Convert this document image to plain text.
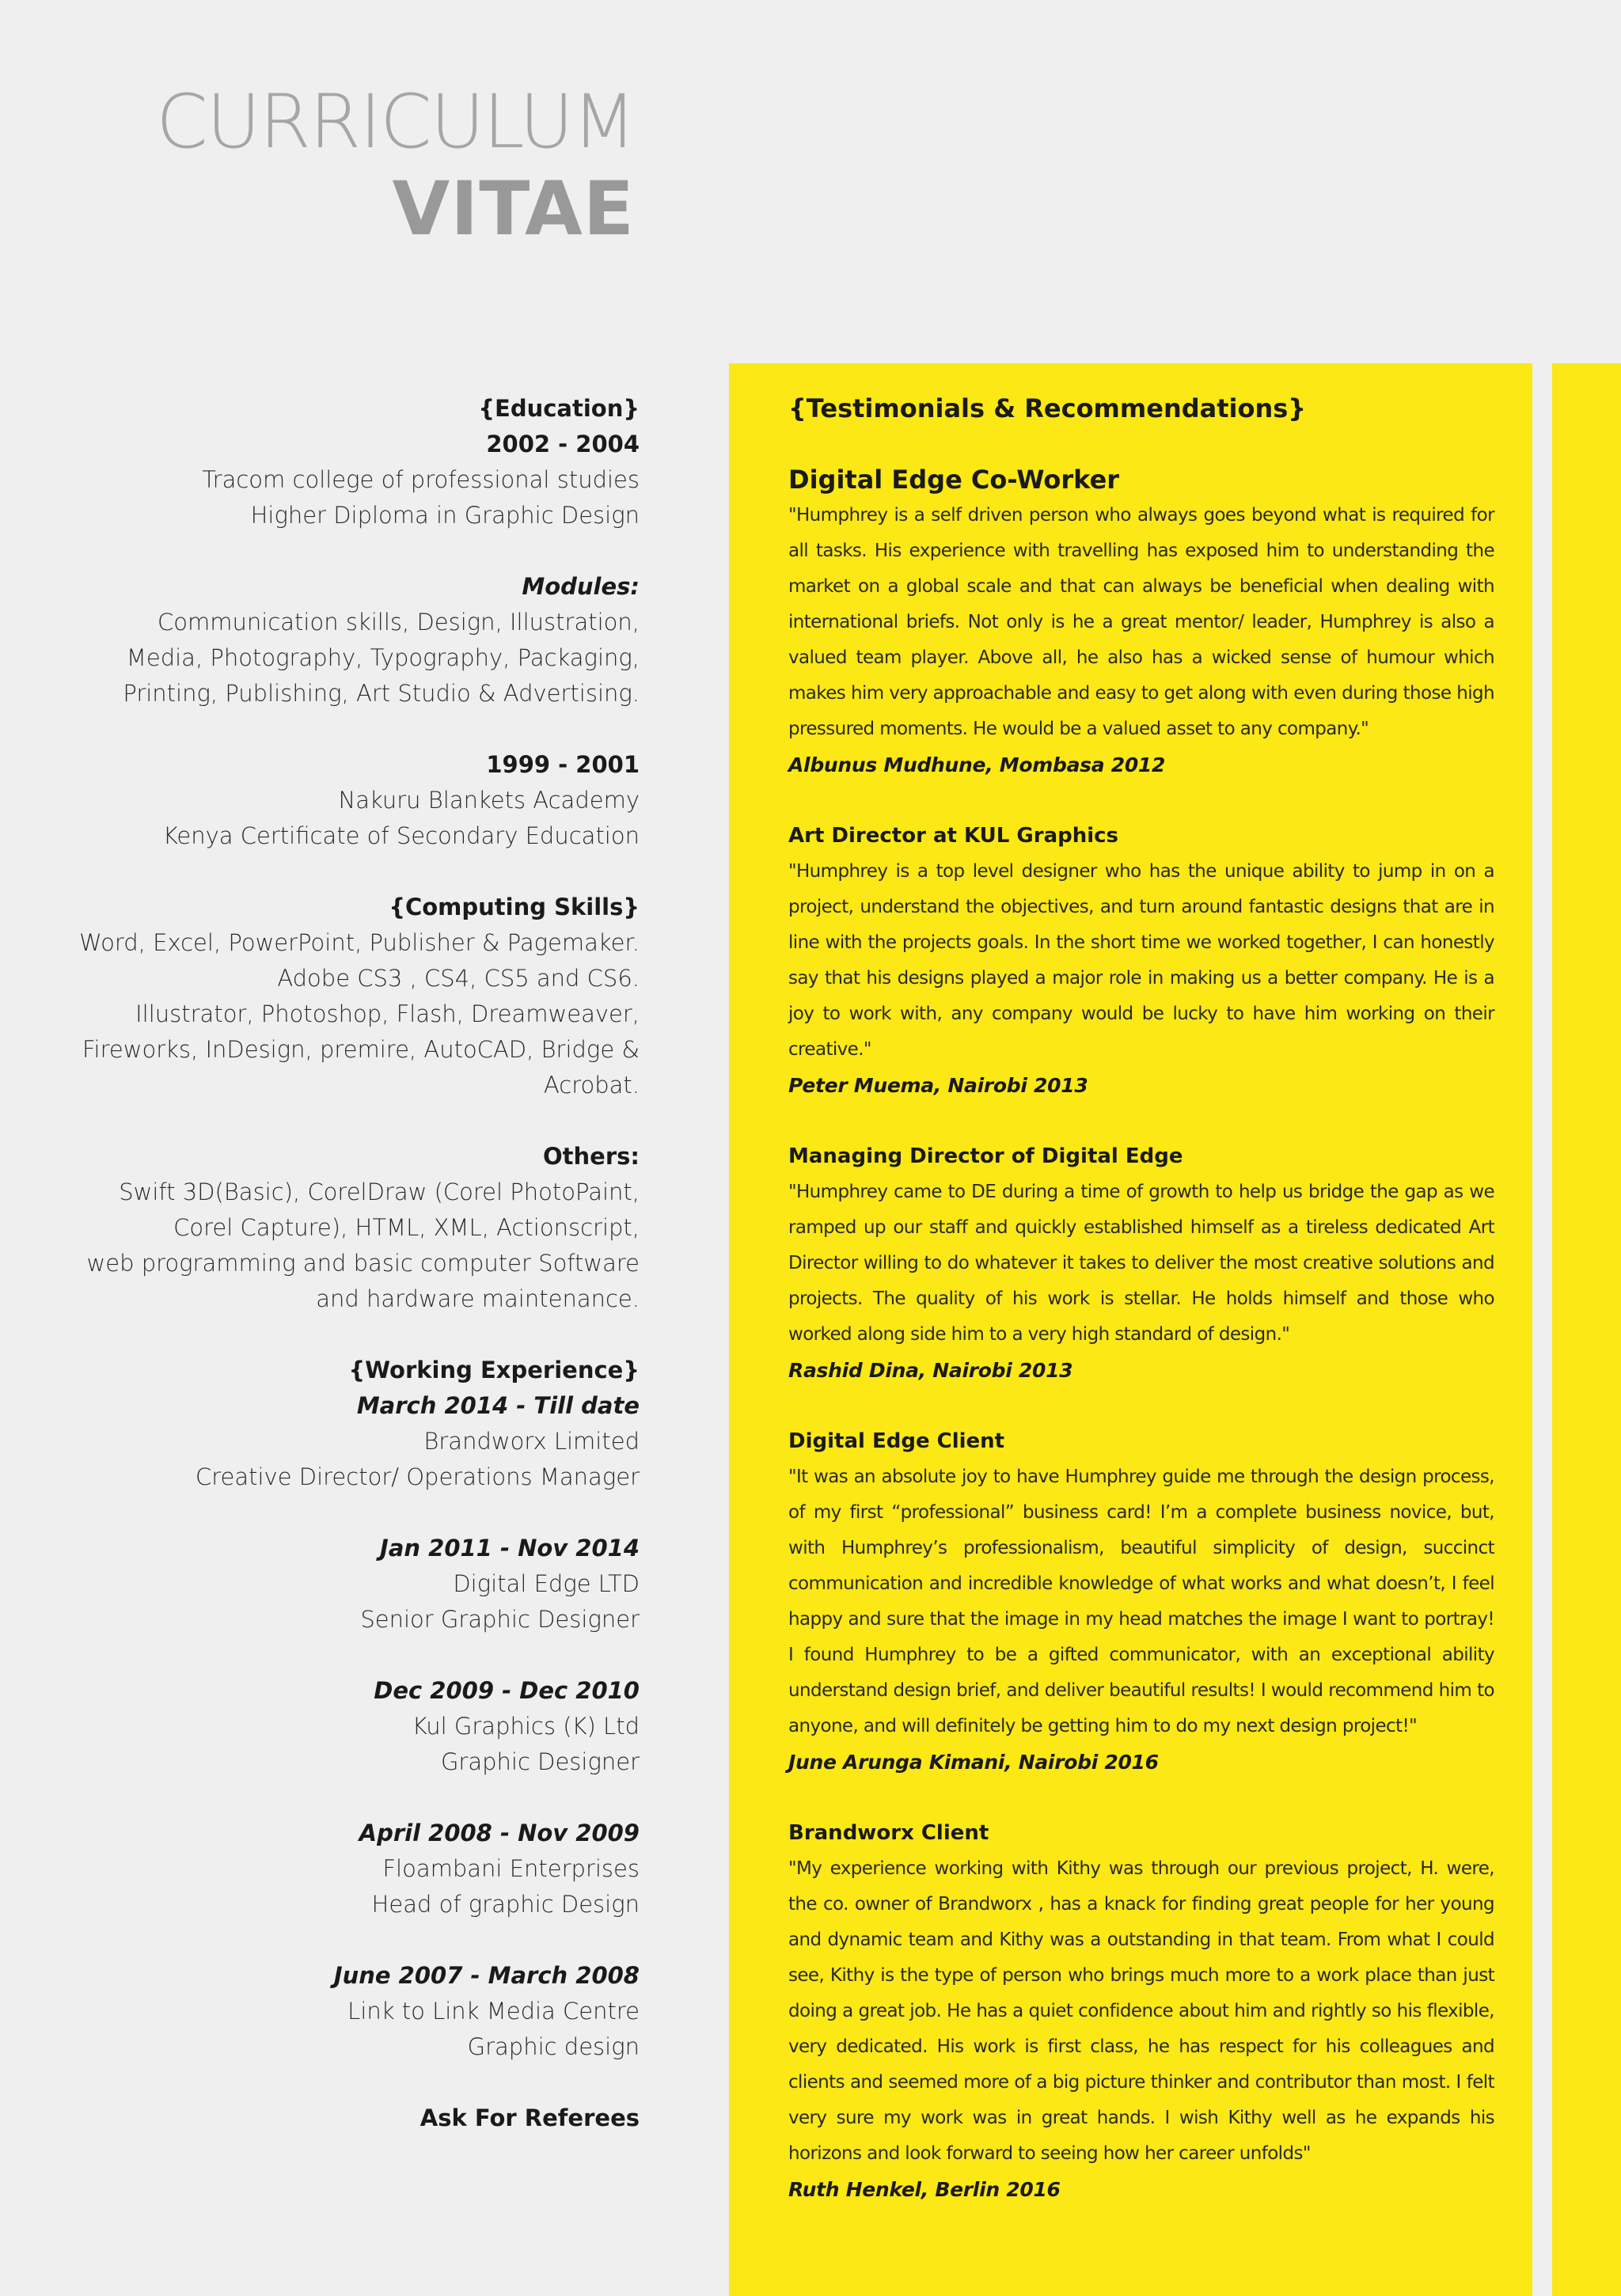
CURRICULUM
VITAE
{Education}
2002 - 2004
Tracom college of professional studies
Higher Diploma in Graphic Design
Modules:
Communication skills, Design, Illustration,
Media, Photography, Typography, Packaging,
Printing, Publishing, Art Studio & Advertising.
1999 - 2001
Nakuru Blankets Academy
Kenya Certificate of Secondary Education
{Computing Skills}
Word, Excel, PowerPoint, Publisher & Pagemaker.
Adobe CS3 , CS4, CS5 and CS6.
Illustrator, Photoshop, Flash, Dreamweaver,
Fireworks, InDesign, premire, AutoCAD, Bridge &
Acrobat.
Others:
Swift 3D(Basic), CorelDraw (Corel PhotoPaint,
Corel Capture), HTML, XML, Actionscript,
web programming and basic computer Software
and hardware maintenance.
{Working Experience}
March 2014 - Till date
Brandworx Limited
Creative Director/ Operations Manager
Jan 2011 - Nov 2014
Digital Edge LTD
Senior Graphic Designer
Dec 2009 - Dec 2010
Kul Graphics (K) Ltd
Graphic Designer
April 2008 - Nov 2009
Floambani Enterprises
Head of graphic Design
June 2007 - March 2008
Link to Link Media Centre
Graphic design
Ask For Referees
{Testimonials & Recommendations}
Digital Edge Co-Worker
"Humphrey is a self driven person who always goes beyond what is required for all tasks. His experience with travelling has exposed him to understanding the market on a global scale and that can always be beneficial when dealing with international briefs. Not only is he a great mentor/ leader, Humphrey is also a valued team player. Above all, he also has a wicked sense of humour which makes him very approachable and easy to get along with even during those high pressured moments. He would be a valued asset to any company."
Albunus Mudhune, Mombasa 2012
Art Director at KUL Graphics
"Humphrey is a top level designer who has the unique ability to jump in on a project, understand the objectives, and turn around fantastic designs that are in line with the projects goals. In the short time we worked together, I can honestly say that his designs played a major role in making us a better company. He is a joy to work with, any company would be lucky to have him working on their creative."
Peter Muema, Nairobi 2013
Managing Director of Digital Edge
"Humphrey came to DE during a time of growth to help us bridge the gap as we ramped up our staff and quickly established himself as a tireless dedicated Art Director willing to do whatever it takes to deliver the most creative solutions and projects. The quality of his work is stellar. He holds himself and those who worked along side him to a very high standard of design."
Rashid Dina, Nairobi 2013
Digital Edge Client
"It was an absolute joy to have Humphrey guide me through the design process, of my first “professional” business card! I’m a complete business novice, but, with Humphrey’s professionalism, beautiful simplicity of design, succinct communication and incredible knowledge of what works and what doesn’t, I feel happy and sure that the image in my head matches the image I want to portray! I found Humphrey to be a gifted communicator, with an exceptional ability understand design brief, and deliver beautiful results! I would recommend him to anyone, and will definitely be getting him to do my next design project!"
June Arunga Kimani, Nairobi 2016
Brandworx Client
"My experience working with Kithy was through our previous project, H. were, the co. owner of Brandworx , has a knack for finding great people for her young and dynamic team and Kithy was a outstanding in that team. From what I could see, Kithy is the type of person who brings much more to a work place than just doing a great job. He has a quiet confidence about him and rightly so his flexible, very dedicated. His work is first class, he has respect for his colleagues and clients and seemed more of a big picture thinker and contributor than most. I felt very sure my work was in great hands. I wish Kithy well as he expands his horizons and look forward to seeing how her career unfolds"
Ruth Henkel, Berlin 2016
